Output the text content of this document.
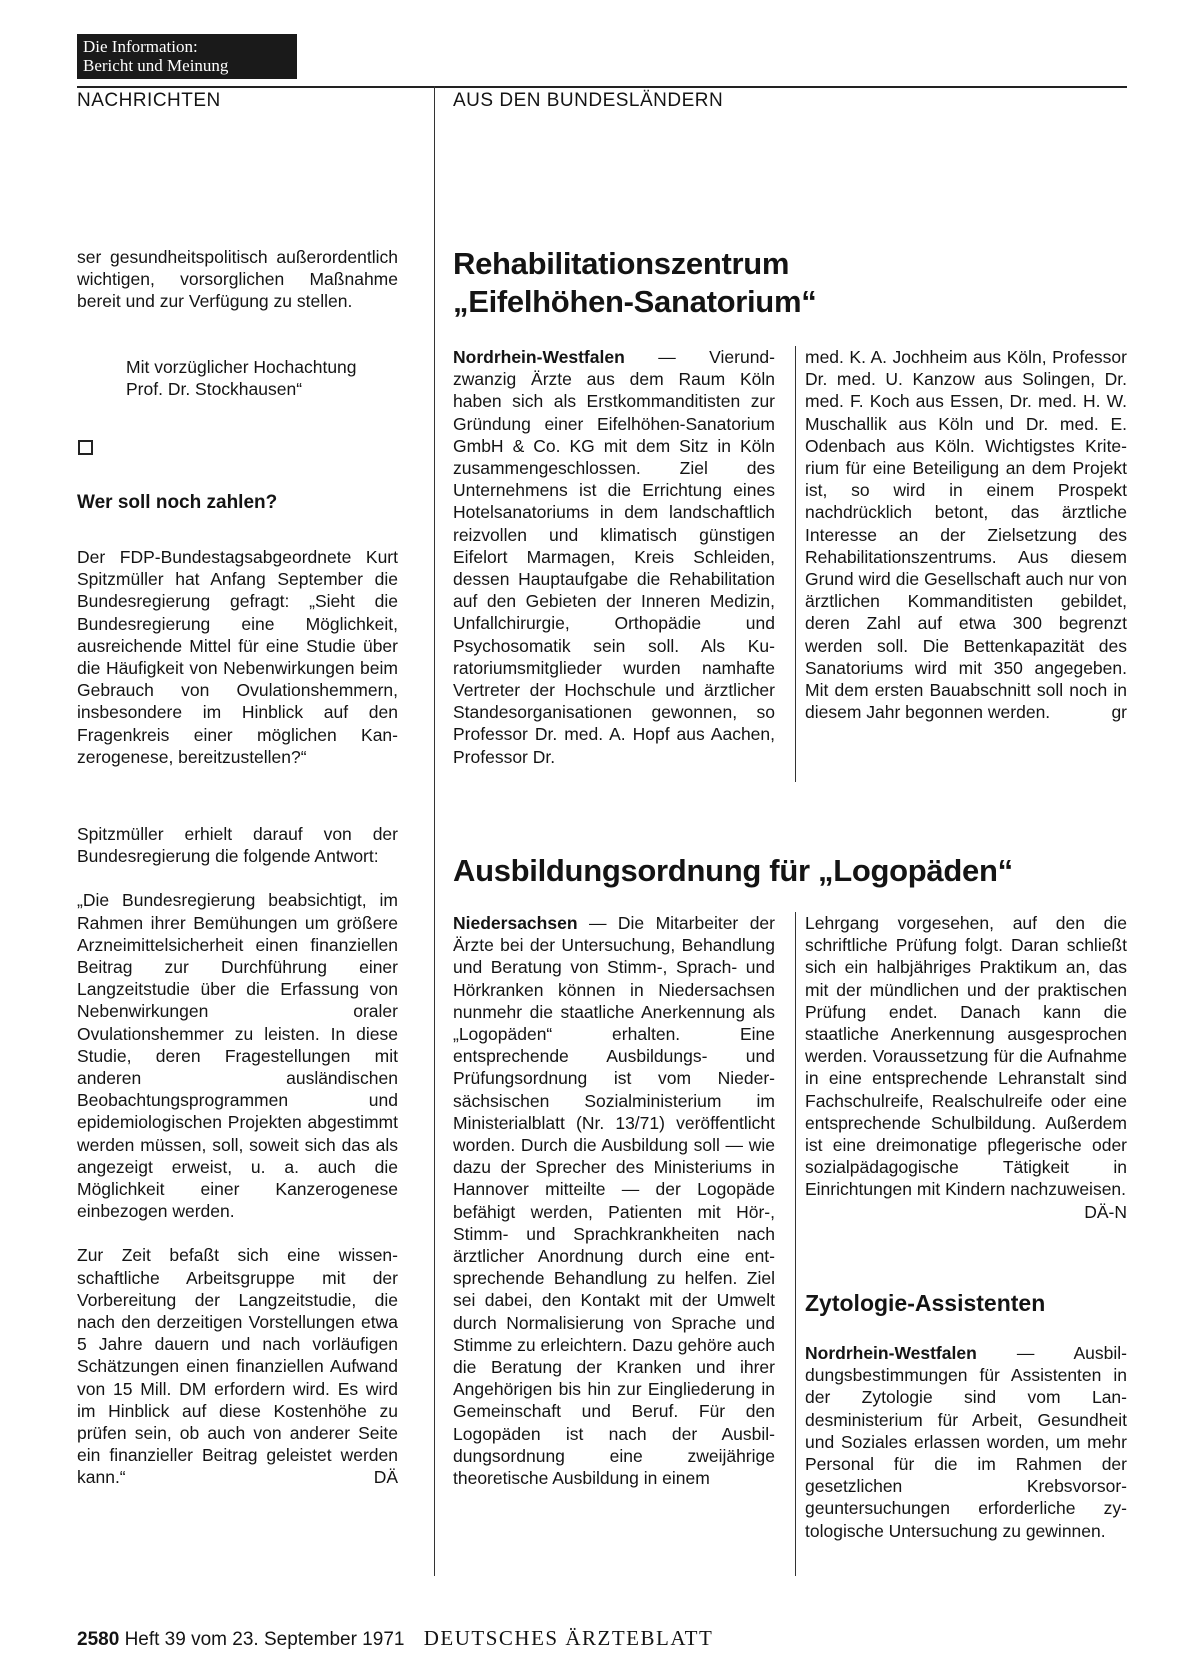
Die Information:
Bericht und Meinung
NACHRICHTEN	AUS DEN BUNDESLÄNDERN

ser gesundheitspolitisch außerordentlich wichtigen, vorsorglichen Maßnahme bereit und zur Verfügung zu stellen.

Mit vorzüglicher Hochachtung

Prof. Dr. Stockhausen“

Wer soll noch zahlen?

Der FDP-Bundestagsabgeordnete Kurt Spitzmüller hat Anfang September die Bundesregierung gefragt: „Sieht die Bundesregierung eine Möglichkeit, ausreichende Mittel für eine Studie über die Häufigkeit von Nebenwirkungen beim Gebrauch von Ovulationshemmern, insbesondere im Hinblick auf den Fragenkreis einer möglichen Kanzerogenese, bereitzustellen?“

Spitzmüller erhielt darauf von der Bundesregierung die folgende Antwort:

„Die Bundesregierung beabsichtigt, im Rahmen ihrer Bemühungen um größere Arzneimittelsicherheit einen finanziellen Beitrag zur Durchführung einer Langzeitstudie über die Erfassung von Nebenwirkungen oraler Ovulationshemmer zu leisten. In diese Studie, deren Fragestellungen mit anderen ausländischen Beobachtungsprogrammen und epidemiologischen Projekten abgestimmt werden müssen, soll, soweit sich das als angezeigt erweist, u. a. auch die Möglichkeit einer Kanzerogenese einbezogen werden.

Zur Zeit befaßt sich eine wissenschaftliche Arbeitsgruppe mit der Vorbereitung der Langzeitstudie, die nach den derzeitigen Vorstellungen etwa 5 Jahre dauern und nach vorläufigen Schätzungen einen finanziellen Aufwand von 15 Mill. DM erfordern wird. Es wird im Hinblick auf diese Kostenhöhe zu prüfen sein, ob auch von anderer Seite ein finanzieller Beitrag geleistet werden kann.“	DÄ

Rehabilitationszentrum
„Eifelhöhen-Sanatorium“

Nordrhein-Westfalen — Vierundzwanzig Ärzte aus dem Raum Köln haben sich als Erstkommanditisten zur Gründung einer Eifelhöhen-Sanatorium GmbH & Co. KG mit dem Sitz in Köln zusammengeschlossen. Ziel des Unternehmens ist die Errichtung eines Hotelsanatoriums in dem landschaftlich reizvollen und klimatisch günstigen Eifelort Marmagen, Kreis Schleiden, dessen Hauptaufgabe die Rehabilitation auf den Gebieten der Inneren Medizin, Unfallchirurgie, Orthopädie und Psychosomatik sein soll. Als Kuratoriumsmitglieder wurden namhafte Vertreter der Hochschule und ärztlicher Standesorganisationen gewonnen, so Professor Dr. med. A. Hopf aus Aachen, Professor Dr.

med. K. A. Jochheim aus Köln, Professor Dr. med. U. Kanzow aus Solingen, Dr. med. F. Koch aus Essen, Dr. med. H. W. Muschallik aus Köln und Dr. med. E. Odenbach aus Köln. Wichtigstes Kriterium für eine Beteiligung an dem Projekt ist, so wird in einem Prospekt nachdrücklich betont, das ärztliche Interesse an der Zielsetzung des Rehabilitationszentrums. Aus diesem Grund wird die Gesellschaft auch nur von ärztlichen Kommanditisten gebildet, deren Zahl auf etwa 300 begrenzt werden soll. Die Bettenkapazität des Sanatoriums wird mit 350 angegeben. Mit dem ersten Bauabschnitt soll noch in diesem Jahr begonnen werden.	gr

Ausbildungsordnung für „Logopäden“

Niedersachsen — Die Mitarbeiter der Ärzte bei der Untersuchung, Behandlung und Beratung von Stimm-, Sprach- und Hörkranken können in Niedersachsen nunmehr die staatliche Anerkennung als „Logopäden“ erhalten. Eine entsprechende Ausbildungs- und Prüfungsordnung ist vom Niedersächsischen Sozialministerium im Ministerialblatt (Nr. 13/71) veröffentlicht worden. Durch die Ausbildung soll — wie dazu der Sprecher des Ministeriums in Hannover mitteilte — der Logopäde befähigt werden, Patienten mit Hör-, Stimm- und Sprachkrankheiten nach ärztlicher Anordnung durch eine entsprechende Behandlung zu helfen. Ziel sei dabei, den Kontakt mit der Umwelt durch Normalisierung von Sprache und Stimme zu erleichtern. Dazu gehöre auch die Beratung der Kranken und ihrer Angehörigen bis hin zur Eingliederung in Gemeinschaft und Beruf. Für den Logopäden ist nach der Ausbildungsordnung eine zweijährige theoretische Ausbildung in einem

Lehrgang vorgesehen, auf den die schriftliche Prüfung folgt. Daran schließt sich ein halbjähriges Praktikum an, das mit der mündlichen und der praktischen Prüfung endet. Danach kann die staatliche Anerkennung ausgesprochen werden. Voraussetzung für die Aufnahme in eine entsprechende Lehranstalt sind Fachschulreife, Realschulreife oder eine entsprechende Schulbildung. Außerdem ist eine dreimonatige pflegerische oder sozialpädagogische Tätigkeit in Einrichtungen mit Kindern nachzuweisen.
DÄ-N

Zytologie-Assistenten

Nordrhein-Westfalen — Ausbildungsbestimmungen für Assistenten in der Zytologie sind vom Landesministerium für Arbeit, Gesundheit und Soziales erlassen worden, um mehr Personal für die im Rahmen der gesetzlichen Krebsvorsorgeuntersuchungen erforderliche zytologische Untersuchung zu gewinnen.

2580 Heft 39 vom 23. September 1971 DEUTSCHES ÄRZTEBLATT
